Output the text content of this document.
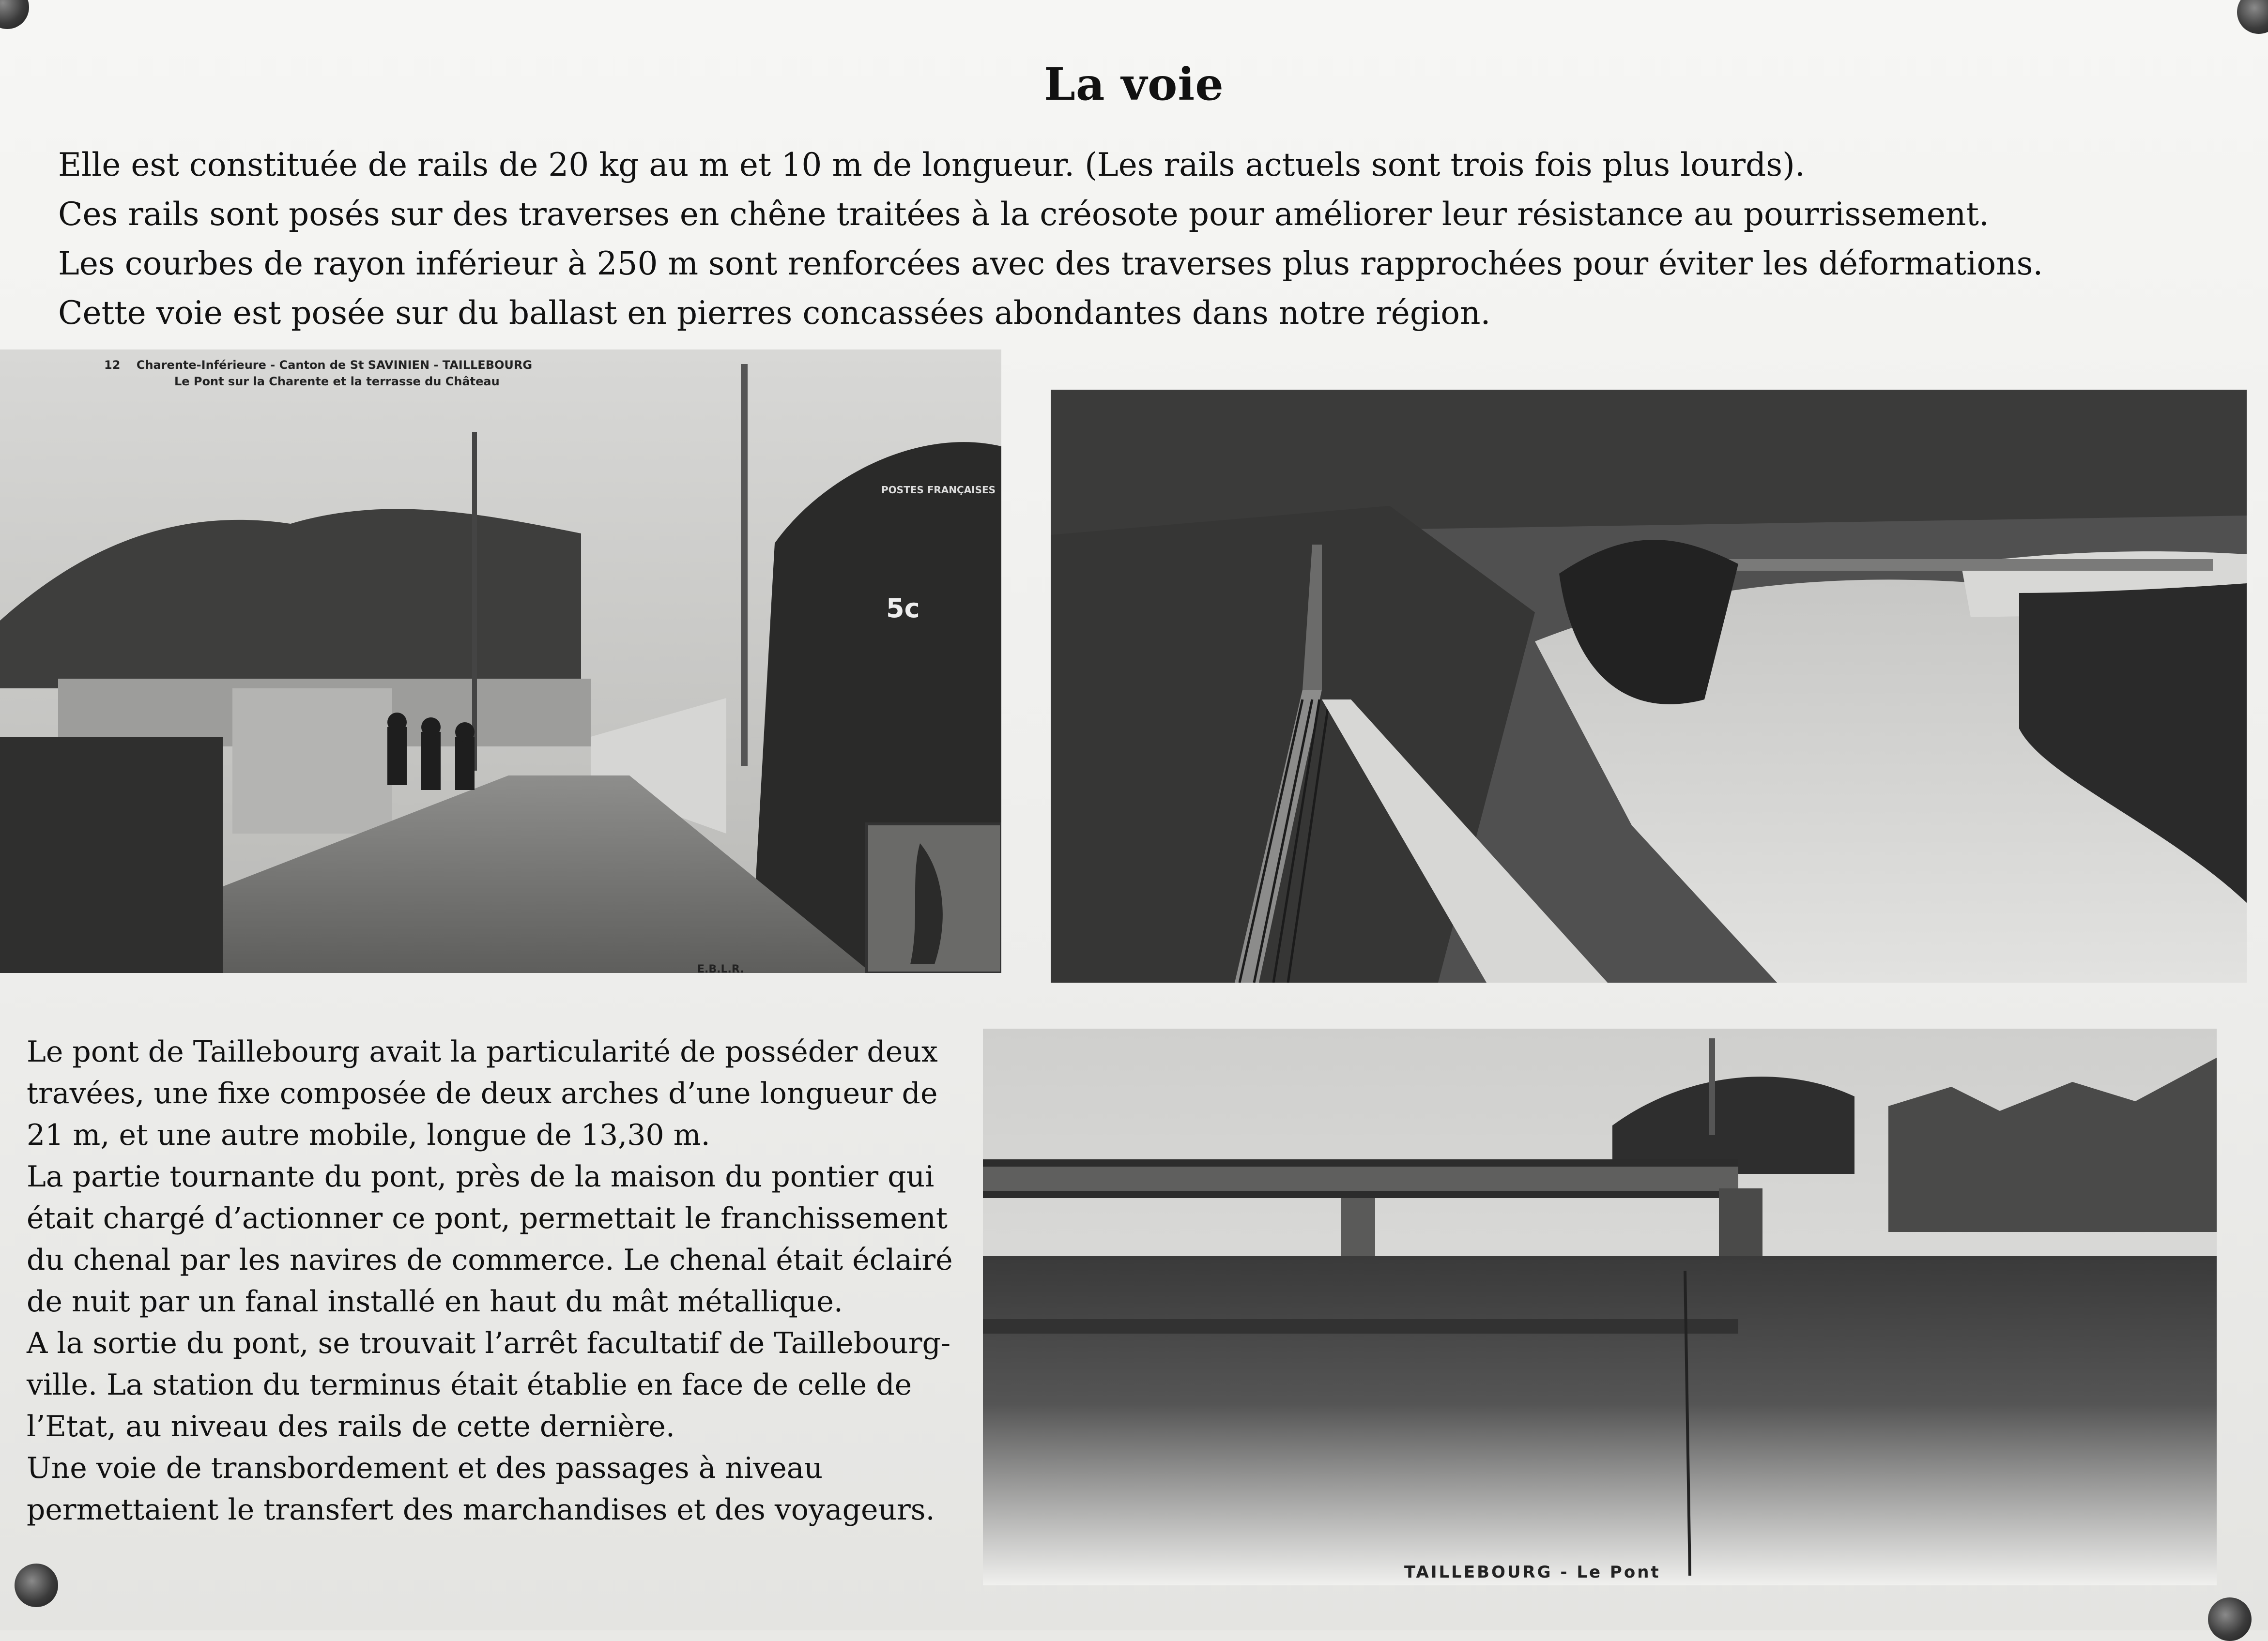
La voie
Elle est constituée de rails de 20 kg au m et 10 m de longueur. (Les rails actuels sont trois fois plus lourds).
Ces rails sont posés sur des traverses en chêne traitées à la créosote pour améliorer leur résistance au pourrissement.
Les courbes de rayon inférieur à 250 m sont renforcées avec des traverses plus rapprochées pour éviter les déformations.
Cette voie est posée sur du ballast en pierres concassées abondantes dans notre région.
12 Charente-Inférieure - Canton de St SAVINIEN - TAILLEBOURG
Le Pont sur la Charente et la terrasse du Château
POSTES FRANÇAISES
5c
E.B.L.R.
Le pont de Taillebourg avait la particularité de posséder deux
travées, une fixe composée de deux arches d’une longueur de
21 m, et une autre mobile, longue de 13,30 m.
La partie tournante du pont, près de la maison du pontier qui
était chargé d’actionner ce pont, permettait le franchissement
du chenal par les navires de commerce. Le chenal était éclairé
de nuit par un fanal installé en haut du mât métallique.
A la sortie du pont, se trouvait l’arrêt facultatif de Taillebourg-
ville. La station du terminus était établie en face de celle de
l’Etat, au niveau des rails de cette dernière.
Une voie de transbordement et des passages à niveau
permettaient le transfert des marchandises et des voyageurs.
TAILLEBOURG - Le Pont
